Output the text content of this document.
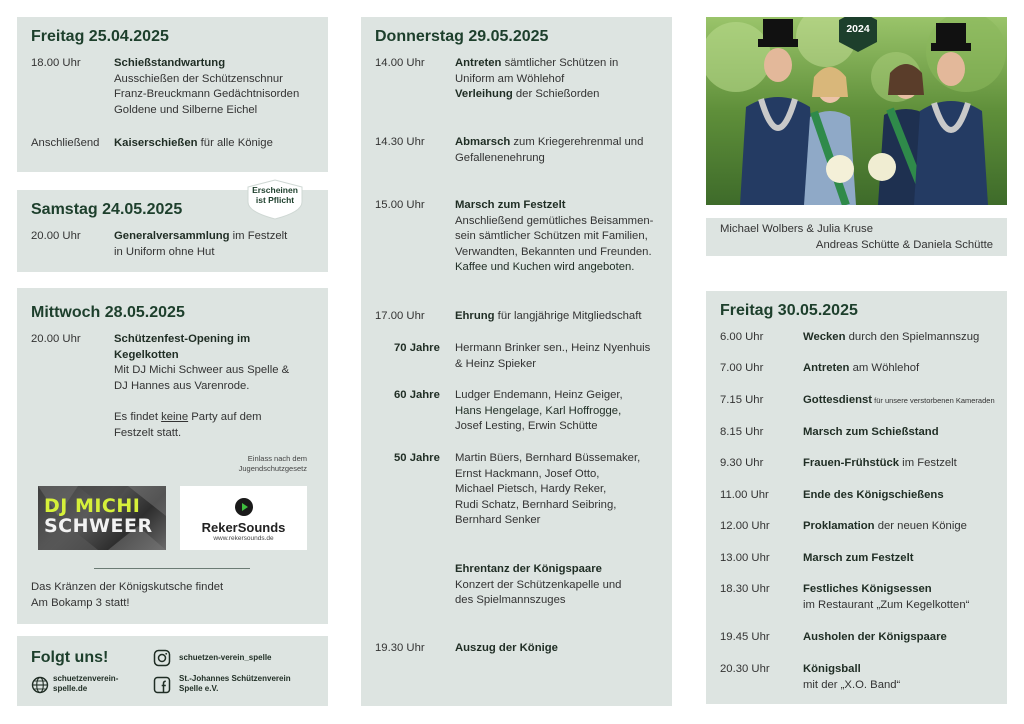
Freitag 25.04.2025
18.00 Uhr	Schießstandwartung
Ausschießen der Schützenschnur
Franz-Breuckmann Gedächtnisorden
Goldene und Silberne Eichel
Anschließend Kaiserschießen für alle Könige
Samstag 24.05.2025
Erscheinen
ist Pflicht
20.00 Uhr	Generalversammlung im Festzelt
in Uniform ohne Hut
Mittwoch 28.05.2025
20.00 Uhr	Schützenfest-Opening im
Kegelkotten
Mit DJ Michi Schweer aus Spelle &
DJ Hannes aus Varenrode.
Es findet keine Party auf dem
Festzelt statt.
Einlass nach dem
Jugendschutzgesetz
DJ MICHI
SCHWEER	RekerSounds
www.rekersounds.de
Das Kränzen der Königskutsche findet
Am Bokamp 3 statt!
Folgt uns!
schuetzenverein-
spelle.de
schuetzen-verein_spelle
St.-Johannes Schützenverein
Spelle e.V.
Donnerstag 29.05.2025
14.00 Uhr	Antreten sämtlicher Schützen in
Uniform am Wöhlehof
Verleihung der Schießorden
14.30 Uhr	Abmarsch zum Kriegerehrenmal und
Gefallenenehrung
15.00 Uhr	Marsch zum Festzelt
Anschließend gemütliches Beisammen-
sein sämtlicher Schützen mit Familien,
Verwandten, Bekannten und Freunden.
Kaffee und Kuchen wird angeboten.
17.00 Uhr	Ehrung für langjährige Mitgliedschaft
70 Jahre Hermann Brinker sen., Heinz Nyenhuis
& Heinz Spieker
60 Jahre Ludger Endemann, Heinz Geiger,
Hans Hengelage, Karl Hoffrogge,
Josef Lesting, Erwin Schütte
50 Jahre Martin Büers, Bernhard Büssemaker,
Ernst Hackmann, Josef Otto,
Michael Pietsch, Hardy Reker,
Rudi Schatz, Bernhard Seibring,
Bernhard Senker
Ehrentanz der Königspaare
Konzert der Schützenkapelle und
des Spielmannszuges
19.30 Uhr	Auszug der Könige
2024
Michael Wolbers & Julia Kruse
Andreas Schütte & Daniela Schütte
Freitag 30.05.2025
6.00 Uhr	Wecken durch den Spielmannszug
7.00 Uhr	Antreten am Wöhlehof
7.15 Uhr	Gottesdienst für unsere verstorbenen Kameraden
8.15 Uhr	Marsch zum Schießstand
9.30 Uhr	Frauen-Frühstück im Festzelt
11.00 Uhr	Ende des Königschießens
12.00 Uhr	Proklamation der neuen Könige
13.00 Uhr	Marsch zum Festzelt
18.30 Uhr	Festliches Königsessen
im Restaurant „Zum Kegelkotten“
19.45 Uhr	Ausholen der Königspaare
20.30 Uhr	Königsball
mit der „X.O. Band“
